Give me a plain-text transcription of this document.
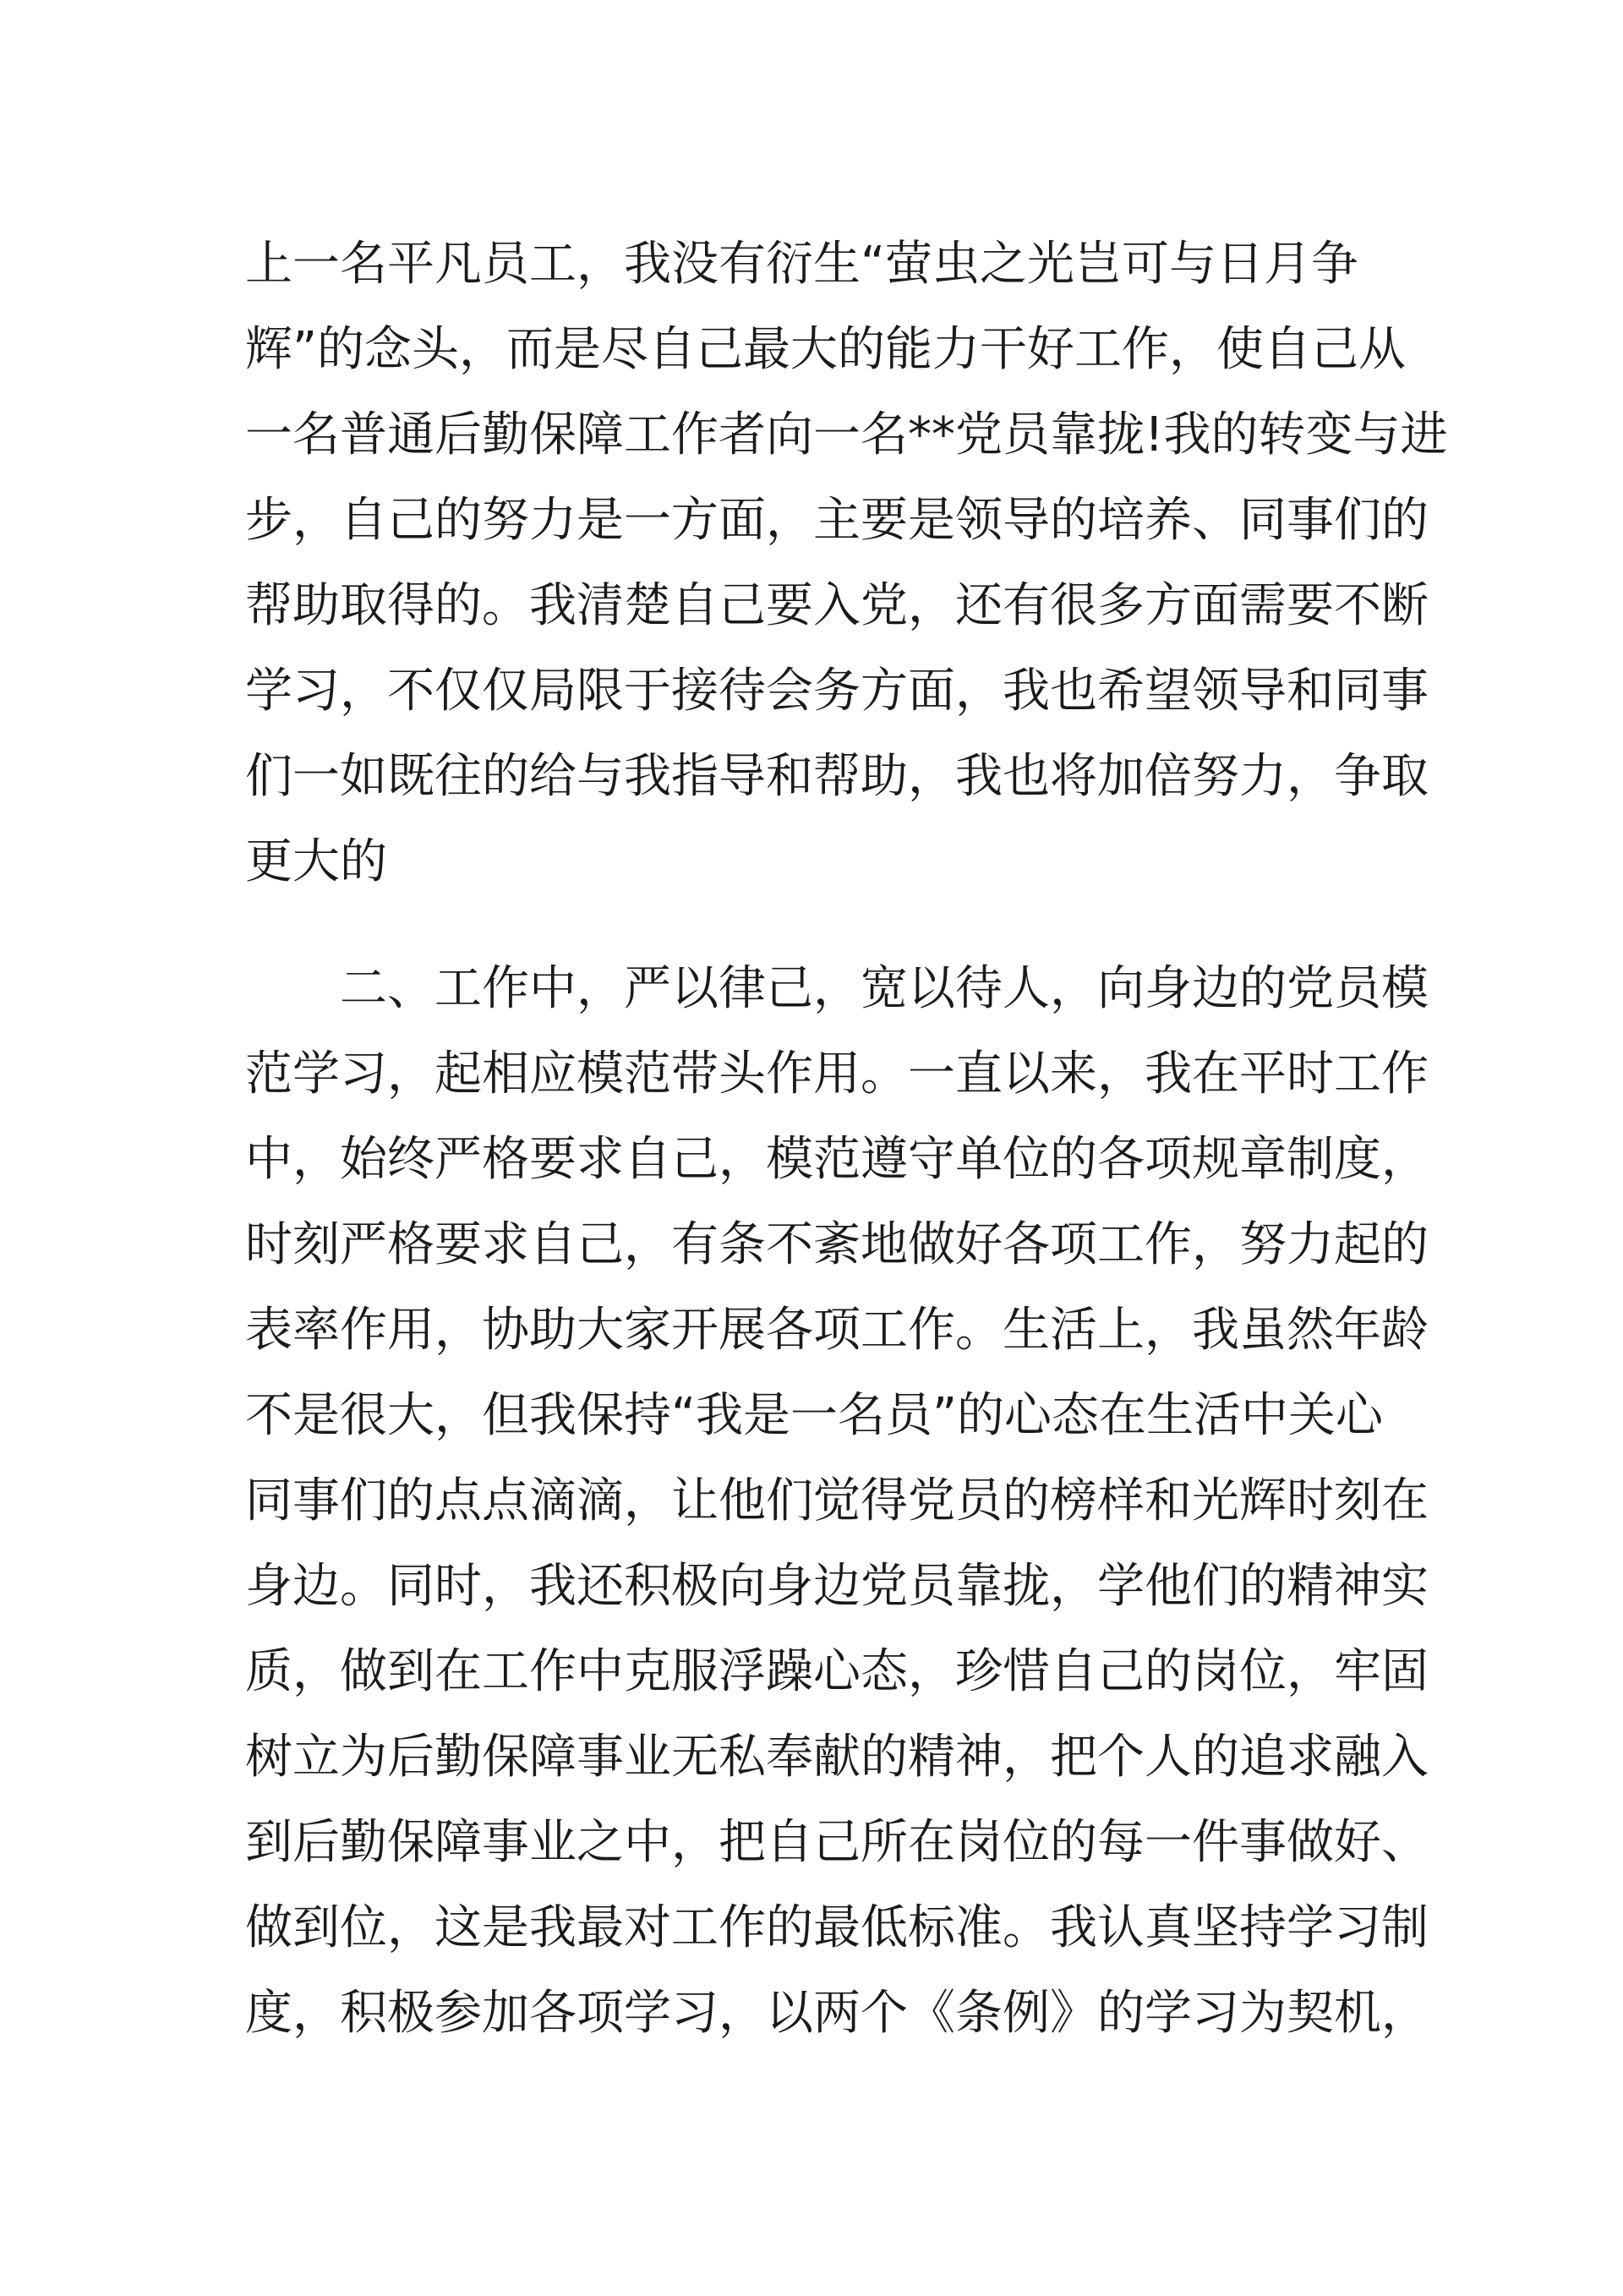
上一名平凡员工，我没有衍生“萤虫之光岂可与日月争
辉”的念头，而是尽自己最大的能力干好工作，使自己从
一名普通后勤保障工作者向一名**党员靠拢!我的转变与进
步，自己的努力是一方面，主要是领导的培养、同事们的
帮助取得的。我清楚自己要入党，还有很多方面需要不断
学习，不仅仅局限于接待会务方面，我也希望领导和同事
们一如既往的给与我指导和帮助，我也将加倍努力，争取
更大的
二、工作中，严以律己，宽以待人，向身边的党员模
范学习，起相应模范带头作用。一直以来，我在平时工作
中，始终严格要求自己，模范遵守单位的各项规章制度，
时刻严格要求自己，有条不紊地做好各项工作，努力起的
表率作用，协助大家开展各项工作。生活上，我虽然年龄
不是很大，但我保持“我是一名员”的心态在生活中关心
同事们的点点滴滴，让他们觉得党员的榜样和光辉时刻在
身边。同时，我还积极向身边党员靠拢，学他们的精神实
质，做到在工作中克服浮躁心态，珍惜自己的岗位，牢固
树立为后勤保障事业无私奉献的精神，把个人的追求融入
到后勤保障事业之中，把自己所在岗位的每一件事做好、
做到位，这是我最对工作的最低标准。我认真坚持学习制
度，积极参加各项学习，以两个《条例》的学习为契机，
